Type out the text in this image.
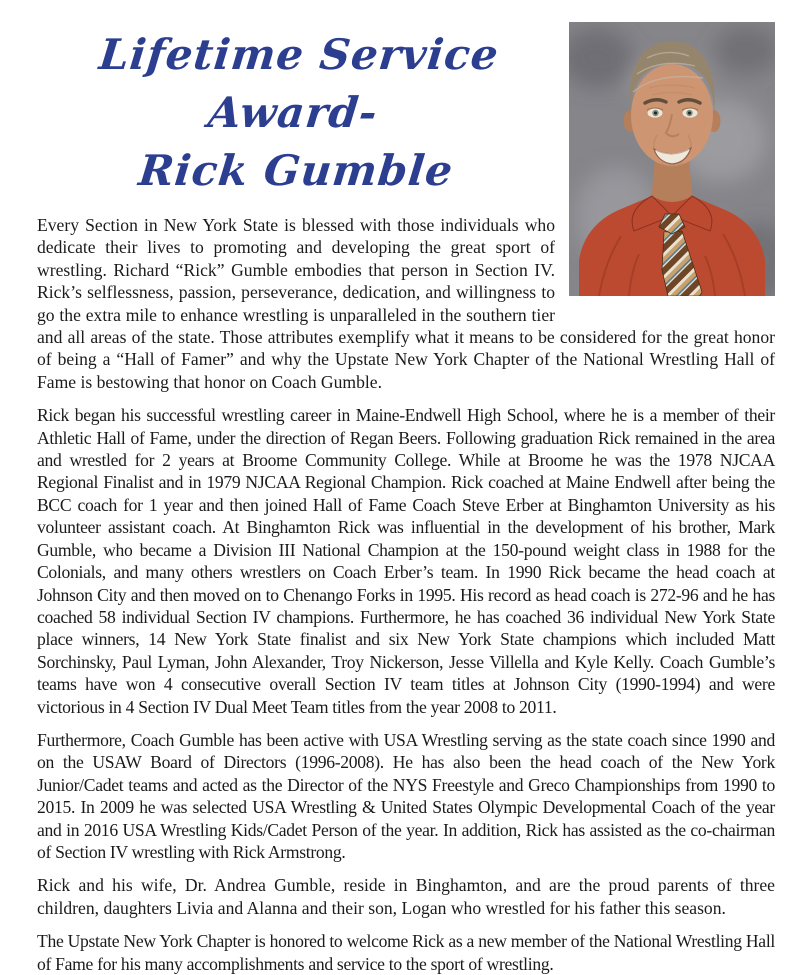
Lifetime Service Award-
Rick Gumble

Every Section in New York State is blessed with those individuals who dedicate their lives to promoting and developing the great sport of wrestling. Richard “Rick” Gumble embodies that person in Section IV. Rick’s selflessness, passion, perseverance, dedication, and willingness to go the extra mile to enhance wrestling is unparalleled in the southern tier and all areas of the state. Those attributes exemplify what it means to be considered for the great honor of being a “Hall of Famer” and why the Upstate New York Chapter of the National Wrestling Hall of Fame is bestowing that honor on Coach Gumble.

Rick began his successful wrestling career in Maine-Endwell High School, where he is a member of their Athletic Hall of Fame, under the direction of Regan Beers. Following graduation Rick remained in the area and wrestled for 2 years at Broome Community College. While at Broome he was the 1978 NJCAA Regional Finalist and in 1979 NJCAA Regional Champion. Rick coached at Maine Endwell after being the BCC coach for 1 year and then joined Hall of Fame Coach Steve Erber at Binghamton University as his volunteer assistant coach. At Binghamton Rick was influential in the development of his brother, Mark Gumble, who became a Division III National Champion at the 150-pound weight class in 1988 for the Colonials, and many others wrestlers on Coach Erber’s team. In 1990 Rick became the head coach at Johnson City and then moved on to Chenango Forks in 1995. His record as head coach is 272-96 and he has coached 58 individual Section IV champions. Furthermore, he has coached 36 individual New York State place winners, 14 New York State finalist and six New York State champions which included Matt Sorchinsky, Paul Lyman, John Alexander, Troy Nickerson, Jesse Villella and Kyle Kelly. Coach Gumble’s teams have won 4 consecutive overall Section IV team titles at Johnson City (1990-1994) and were victorious in 4 Section IV Dual Meet Team titles from the year 2008 to 2011.

Furthermore, Coach Gumble has been active with USA Wrestling serving as the state coach since 1990 and on the USAW Board of Directors (1996-2008). He has also been the head coach of the New York Junior/Cadet teams and acted as the Director of the NYS Freestyle and Greco Championships from 1990 to 2015. In 2009 he was selected USA Wrestling & United States Olympic Developmental Coach of the year and in 2016 USA Wrestling Kids/Cadet Person of the year. In addition, Rick has assisted as the co-chairman of Section IV wrestling with Rick Armstrong.

Rick and his wife, Dr. Andrea Gumble, reside in Binghamton, and are the proud parents of three children, daughters Livia and Alanna and their son, Logan who wrestled for his father this season.

The Upstate New York Chapter is honored to welcome Rick as a new member of the National Wrestling Hall of Fame for his many accomplishments and service to the sport of wrestling.
